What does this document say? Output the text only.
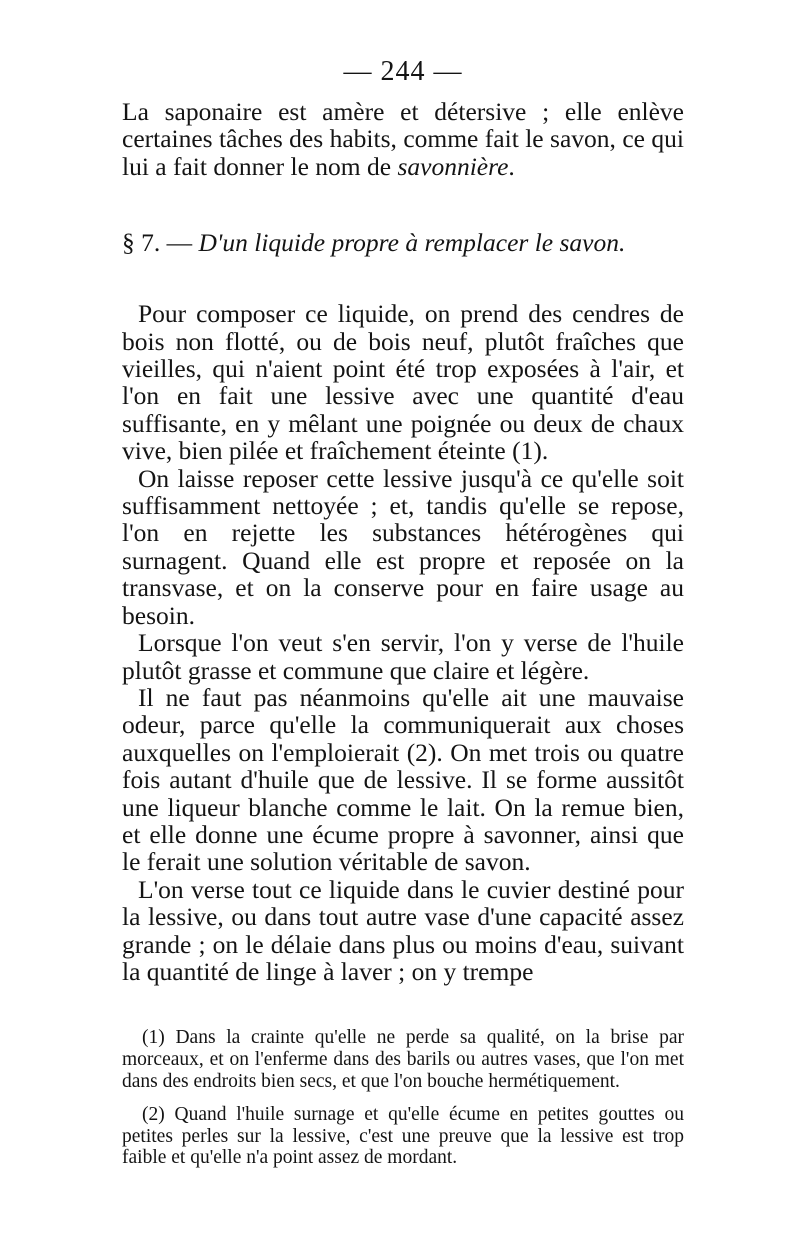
— 244 —

La saponaire est amère et détersive ; elle enlève certaines tâches des habits, comme fait le savon, ce qui lui a fait donner le nom de savonnière.

§ 7. — D'un liquide propre à remplacer le savon.

Pour composer ce liquide, on prend des cendres de bois non flotté, ou de bois neuf, plutôt fraîches que vieilles, qui n'aient point été trop exposées à l'air, et l'on en fait une lessive avec une quantité d'eau suffisante, en y mêlant une poignée ou deux de chaux vive, bien pilée et fraîchement éteinte (1).

On laisse reposer cette lessive jusqu'à ce qu'elle soit suffisamment nettoyée ; et, tandis qu'elle se repose, l'on en rejette les substances hétérogènes qui surnagent. Quand elle est propre et reposée on la transvase, et on la conserve pour en faire usage au besoin.

Lorsque l'on veut s'en servir, l'on y verse de l'huile plutôt grasse et commune que claire et légère.

Il ne faut pas néanmoins qu'elle ait une mauvaise odeur, parce qu'elle la communiquerait aux choses auxquelles on l'emploierait (2). On met trois ou quatre fois autant d'huile que de lessive. Il se forme aussitôt une liqueur blanche comme le lait. On la remue bien, et elle donne une écume propre à savonner, ainsi que le ferait une solution véritable de savon.

L'on verse tout ce liquide dans le cuvier destiné pour la lessive, ou dans tout autre vase d'une capacité assez grande ; on le délaie dans plus ou moins d'eau, suivant la quantité de linge à laver ; on y trempe

(1) Dans la crainte qu'elle ne perde sa qualité, on la brise par morceaux, et on l'enferme dans des barils ou autres vases, que l'on met dans des endroits bien secs, et que l'on bouche hermétiquement.

(2) Quand l'huile surnage et qu'elle écume en petites gouttes ou petites perles sur la lessive, c'est une preuve que la lessive est trop faible et qu'elle n'a point assez de mordant.
